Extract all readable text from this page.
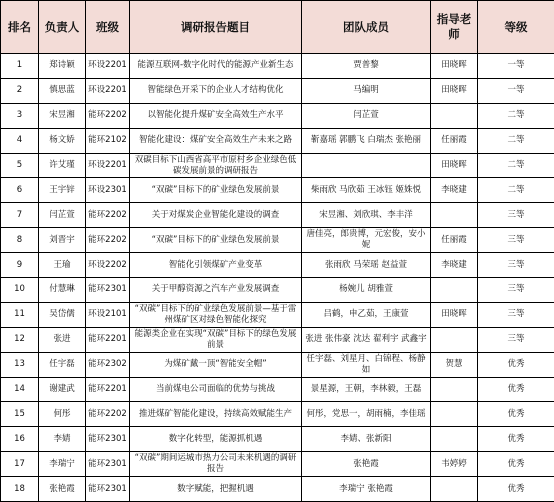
排名	负责人	班级	调研报告题目	团队成员	指导老师	等级
1	郑诗颖	环设2201	能源互联网-数字化时代的能源产业新生态	贾普黎	田晓晖	一等
2	慎思蓝	环设2201	智能绿色开采下的企业人才结构优化	马编明	田晓晖	一等
3	宋昱湘	能环2202	以智能化提升煤矿安全高效生产水平	闫芷萱		二等
4	杨文娇	能环2102	智能化建设：煤矿安全高效生产未来之路	靳嘉瑶 郭鹏飞 白瑞杰 张艳丽	任丽霞	二等
5	许艾瑾	环设2201	双碳目标下山西省高平市原村乡企业绿色低碳发展前景的调研报告		田晓晖	二等
6	王宇锌	环设2301	“双碳”目标下的矿业绿色发展前景	柴雨欣 马欣茹 王冰钰 姬姝悦	李晓建	二等
7	闫芷萱	能环2202	关于对煤炭企业智能化建设的调查	宋昱湘、刘欣琪、李丰洋		三等
8	刘晋宇	能环2202	“双碳”目标下的矿业绿色发展前景	唐佳亮，郎贵博，元宏俊，安小妮	任丽霞	三等
9	王瑜	环设2202	智能化引领煤矿产业变革	张雨欣 马荣瑶 赵益萱	李晓建	三等
10	付慧琳	能环2301	关于甲醇资源之汽车产业发展调查	杨婉儿 胡雅萱		三等
11	吴岱儒	环设2101	“双碳”目标下的矿业绿色发展前景—基于雷州煤矿区对绿色智能化探究	吕鹤，申乙茹，王康萱	田晓晖	三等
12	张进	能环2201	能源类企业在实现“双碳”目标下的绿色发展前景	张进 张伟豪 沈达 翟利宇 武鑫宇		三等
13	任宇磊	能环2302	为煤矿戴一顶“智能安全帽”	任宇磊、刘星月、白锦程、杨静如	贺慧	优秀
14	谢建武	能环2201	当前煤电公司面临的优势与挑战	景星源，王朝，李林毅，王磊		优秀
15	何彤	能环2202	推进煤矿智能化建设，持续高效赋能生产	何彤，党思一，胡雨楠，李佳瑶		优秀
16	李婧	能环2301	数字化转型，能源抓机遇	李婧、张新阳		优秀
17	李瑞宁	能环2301	“双碳”期间运城市热力公司未来机遇的调研报告	张艳霞	韦婷婷	优秀
18	张艳霞	能环2301	数字赋能，把握机遇	李瑞宁 张艳霞		优秀
